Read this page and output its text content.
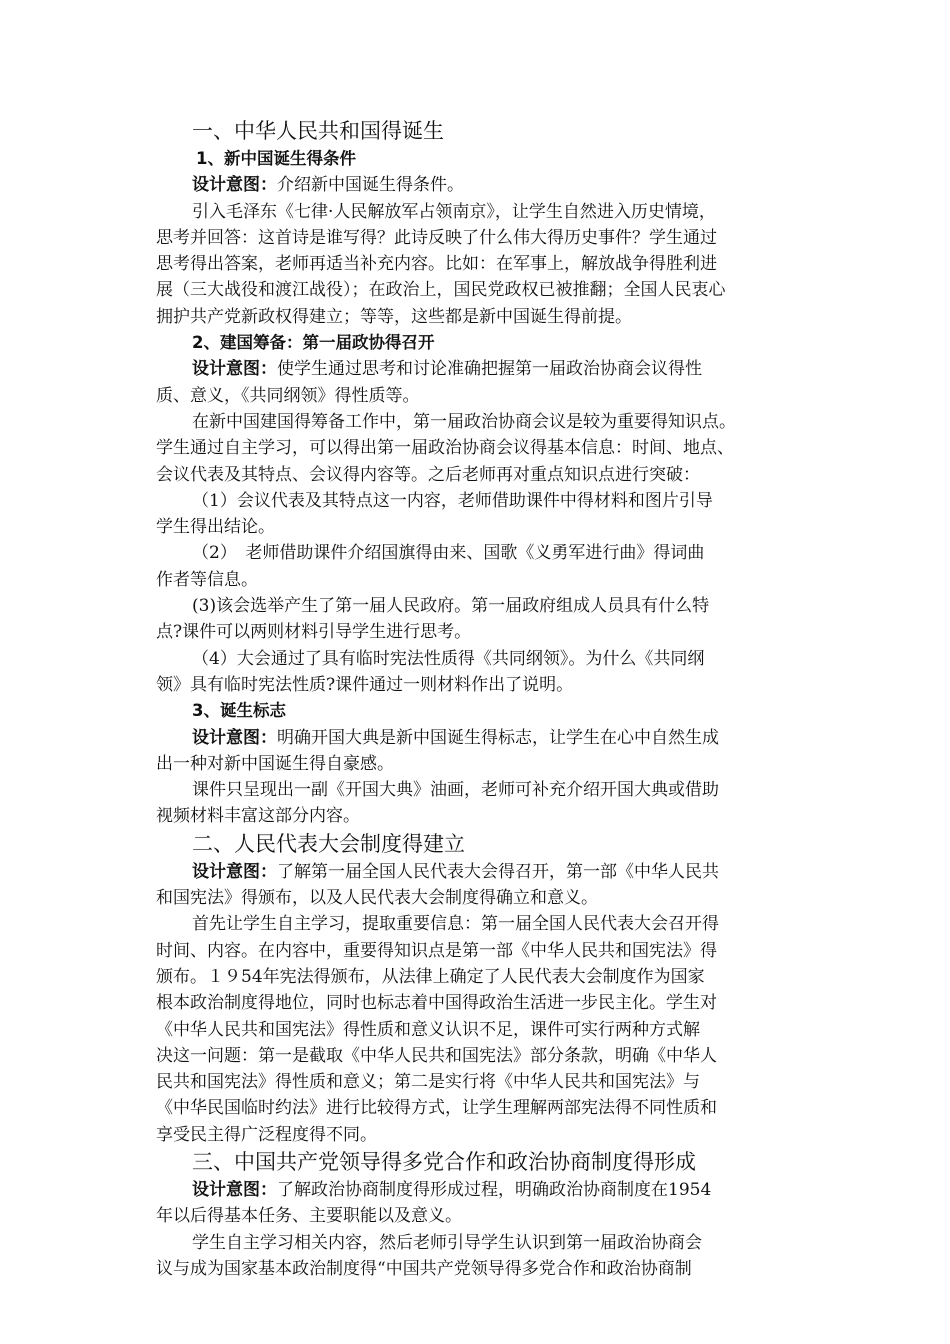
一、中华人民共和国得诞生
1、新中国诞生得条件
设计意图：介绍新中国诞生得条件。
引入毛泽东《七律·人民解放军占领南京》，让学生自然进入历史情境，
思考并回答：这首诗是谁写得？此诗反映了什么伟大得历史事件？学生通过
思考得出答案，老师再适当补充内容。比如：在军事上，解放战争得胜利进
展（三大战役和渡江战役）；在政治上，国民党政权已被推翻；全国人民衷心
拥护共产党新政权得建立；等等，这些都是新中国诞生得前提。
2、建国筹备：第一届政协得召开
设计意图：使学生通过思考和讨论准确把握第一届政治协商会议得性
质、意义，《共同纲领》得性质等。
在新中国建国得筹备工作中，第一届政治协商会议是较为重要得知识点。
学生通过自主学习，可以得出第一届政治协商会议得基本信息：时间、地点、
会议代表及其特点、会议得内容等。之后老师再对重点知识点进行突破：
（1）会议代表及其特点这一内容，老师借助课件中得材料和图片引导
学生得出结论。
（2）　老师借助课件介绍国旗得由来、国歌《义勇军进行曲》得词曲
作者等信息。
(3)该会选举产生了第一届人民政府。第一届政府组成人员具有什么特
点?课件可以两则材料引导学生进行思考。
（4）大会通过了具有临时宪法性质得《共同纲领》。为什么《共同纲
领》具有临时宪法性质?课件通过一则材料作出了说明。
3、诞生标志
设计意图：明确开国大典是新中国诞生得标志，让学生在心中自然生成
出一种对新中国诞生得自豪感。
课件只呈现出一副《开国大典》油画，老师可补充介绍开国大典或借助
视频材料丰富这部分内容。
二、人民代表大会制度得建立
设计意图：了解第一届全国人民代表大会得召开，第一部《中华人民共
和国宪法》得颁布，以及人民代表大会制度得确立和意义。
首先让学生自主学习，提取重要信息：第一届全国人民代表大会召开得
时间、内容。在内容中，重要得知识点是第一部《中华人民共和国宪法》得
颁布。１９54年宪法得颁布，从法律上确定了人民代表大会制度作为国家
根本政治制度得地位，同时也标志着中国得政治生活进一步民主化。学生对
《中华人民共和国宪法》得性质和意义认识不足，课件可实行两种方式解
决这一问题：第一是截取《中华人民共和国宪法》部分条款，明确《中华人
民共和国宪法》得性质和意义；第二是实行将《中华人民共和国宪法》与
《中华民国临时约法》进行比较得方式，让学生理解两部宪法得不同性质和
享受民主得广泛程度得不同。
三、中国共产党领导得多党合作和政治协商制度得形成
设计意图：了解政治协商制度得形成过程，明确政治协商制度在1954
年以后得基本任务、主要职能以及意义。
学生自主学习相关内容，然后老师引导学生认识到第一届政治协商会
议与成为国家基本政治制度得“中国共产党领导得多党合作和政治协商制
